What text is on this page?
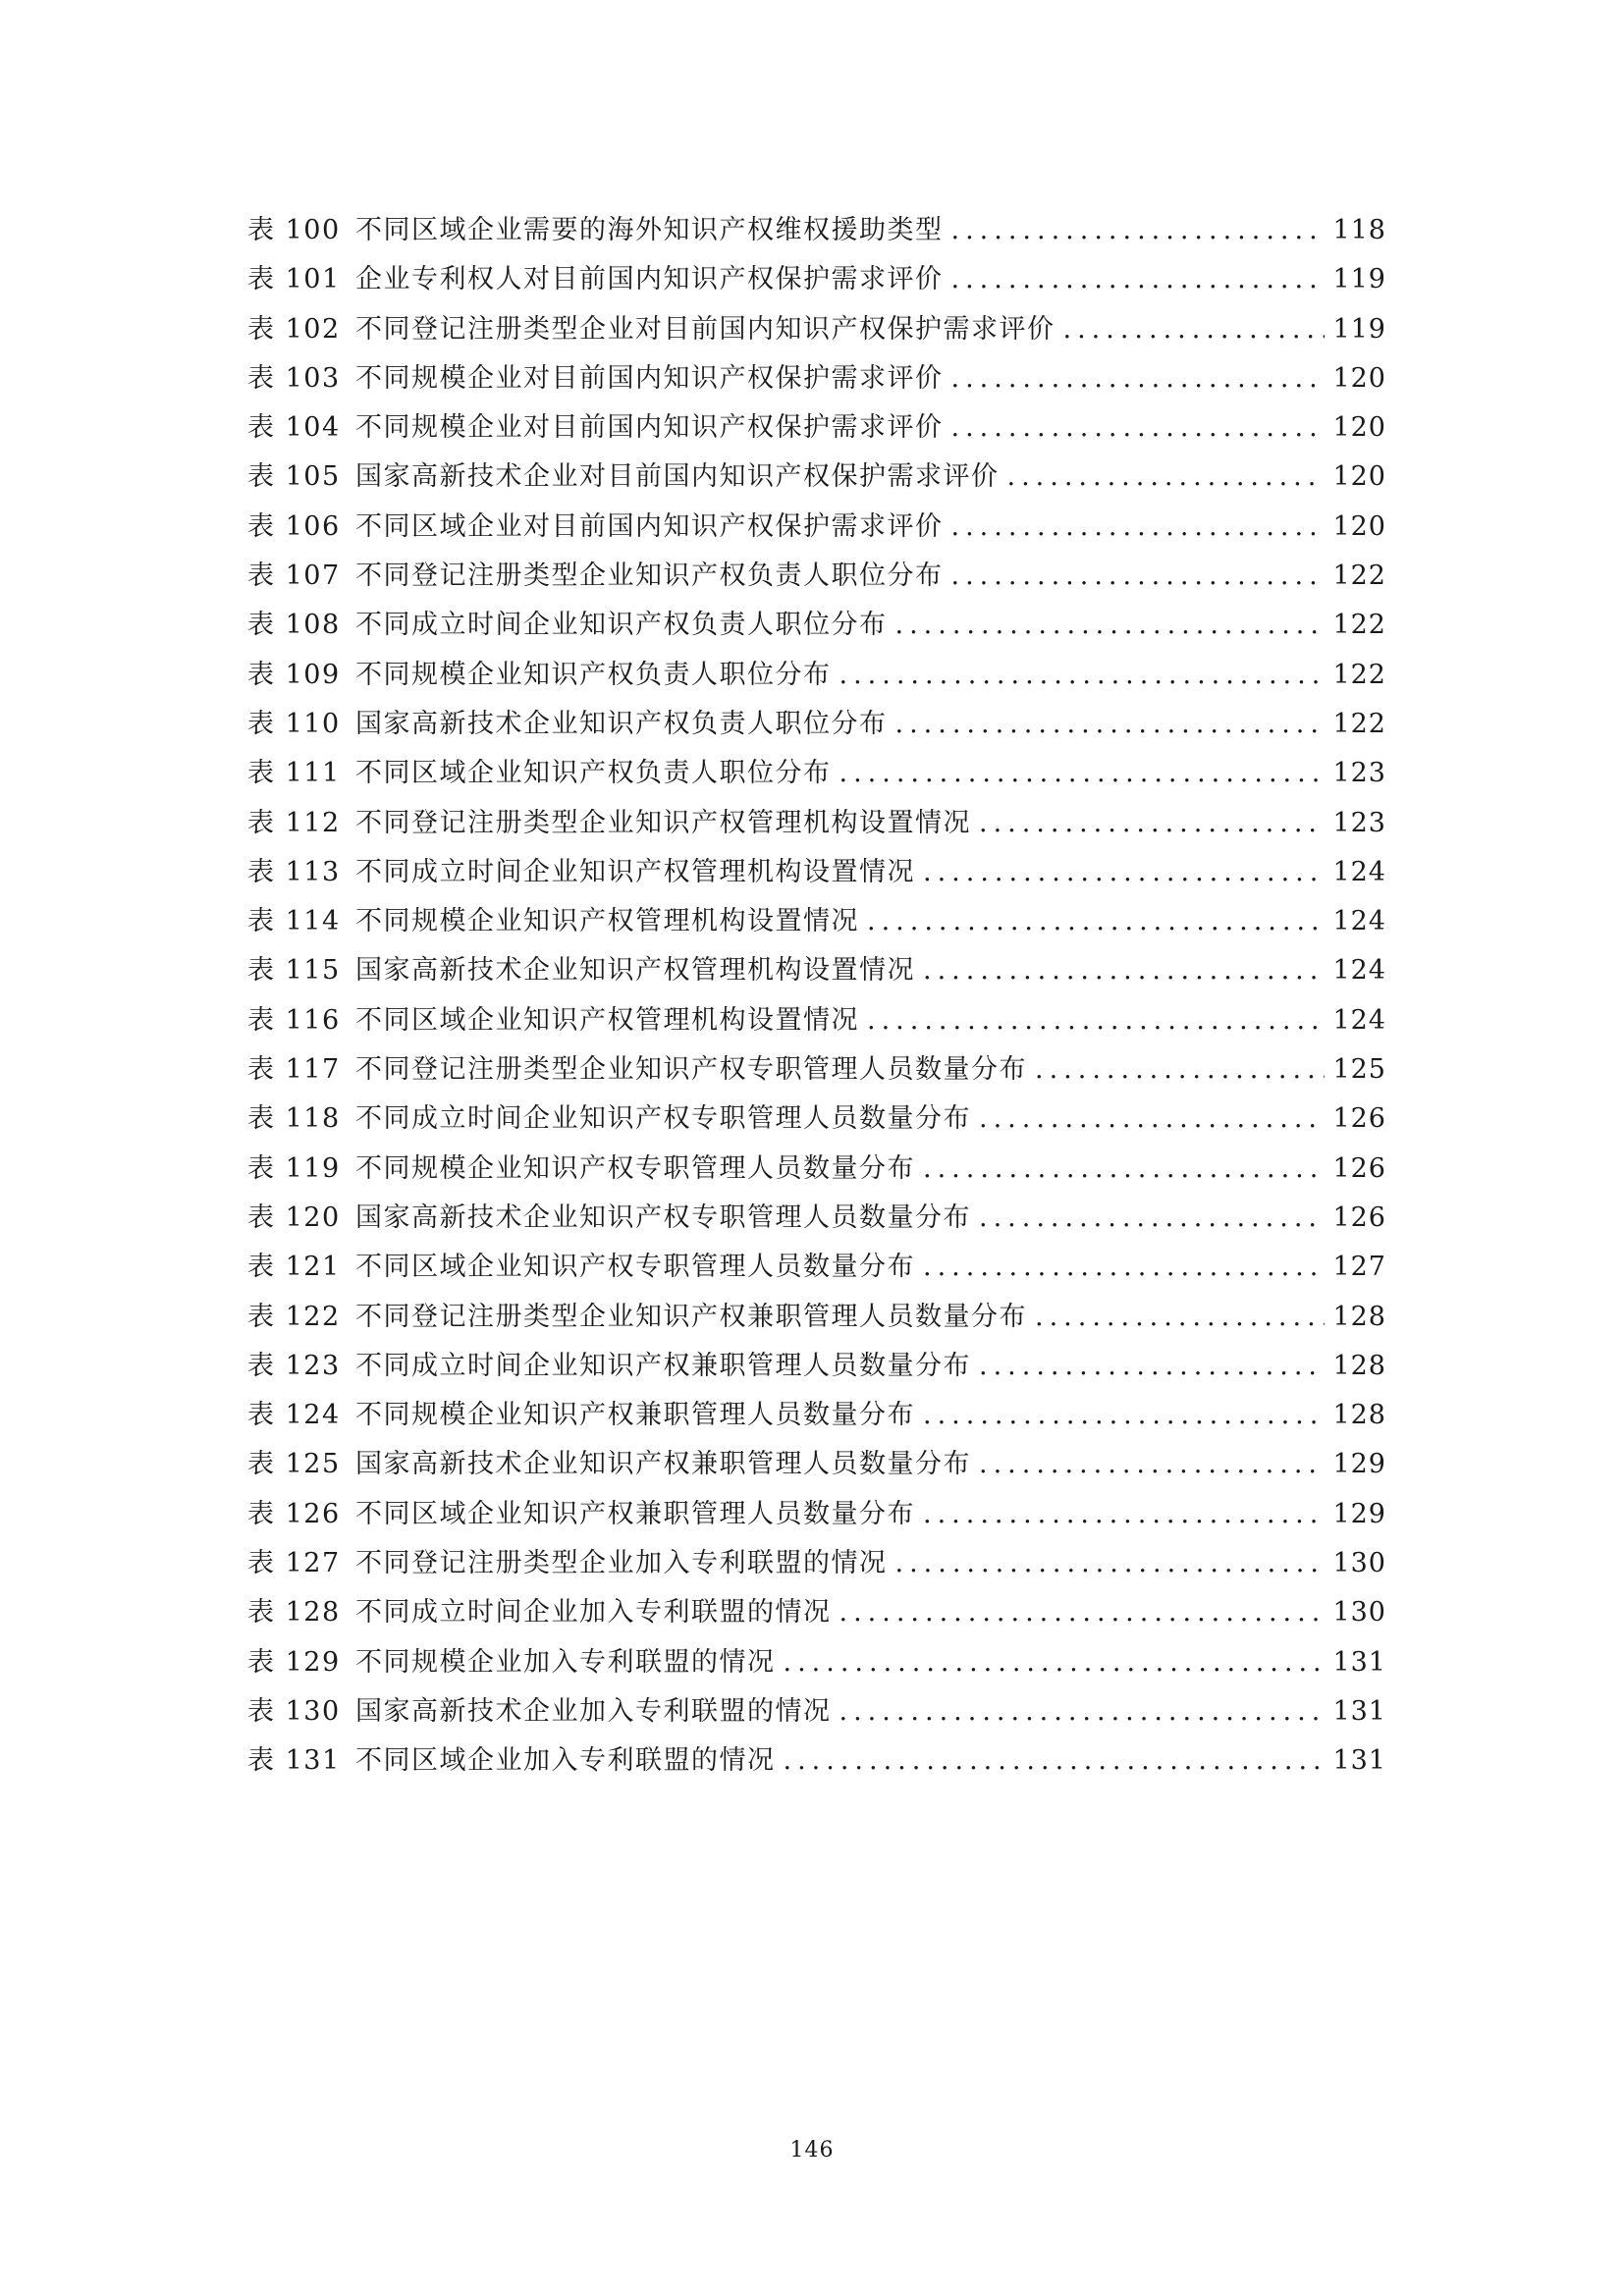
表 100 不同区域企业需要的海外知识产权维权援助类型 .....	118
表 101 企业专利权人对目前国内知识产权保护需求评价 .....	119
表 102 不同登记注册类型企业对目前国内知识产权保护需求评价 .....	119
表 103 不同规模企业对目前国内知识产权保护需求评价 .....	120
表 104 不同规模企业对目前国内知识产权保护需求评价 .....	120
表 105 国家高新技术企业对目前国内知识产权保护需求评价 .....	120
表 106 不同区域企业对目前国内知识产权保护需求评价 .....	120
表 107 不同登记注册类型企业知识产权负责人职位分布 .....	122
表 108 不同成立时间企业知识产权负责人职位分布 .....	122
表 109 不同规模企业知识产权负责人职位分布 .....	122
表 110 国家高新技术企业知识产权负责人职位分布 .....	122
表 111 不同区域企业知识产权负责人职位分布 .....	123
表 112 不同登记注册类型企业知识产权管理机构设置情况 .....	123
表 113 不同成立时间企业知识产权管理机构设置情况 .....	124
表 114 不同规模企业知识产权管理机构设置情况 .....	124
表 115 国家高新技术企业知识产权管理机构设置情况 .....	124
表 116 不同区域企业知识产权管理机构设置情况 .....	124
表 117 不同登记注册类型企业知识产权专职管理人员数量分布 .....	125
表 118 不同成立时间企业知识产权专职管理人员数量分布 .....	126
表 119 不同规模企业知识产权专职管理人员数量分布 .....	126
表 120 国家高新技术企业知识产权专职管理人员数量分布 .....	126
表 121 不同区域企业知识产权专职管理人员数量分布 .....	127
表 122 不同登记注册类型企业知识产权兼职管理人员数量分布 .....	128
表 123 不同成立时间企业知识产权兼职管理人员数量分布 .....	128
表 124 不同规模企业知识产权兼职管理人员数量分布 .....	128
表 125 国家高新技术企业知识产权兼职管理人员数量分布 .....	129
表 126 不同区域企业知识产权兼职管理人员数量分布 .....	129
表 127 不同登记注册类型企业加入专利联盟的情况 .....	130
表 128 不同成立时间企业加入专利联盟的情况 .....	130
表 129 不同规模企业加入专利联盟的情况 .....	131
表 130 国家高新技术企业加入专利联盟的情况 .....	131
表 131 不同区域企业加入专利联盟的情况 .....	131
146
